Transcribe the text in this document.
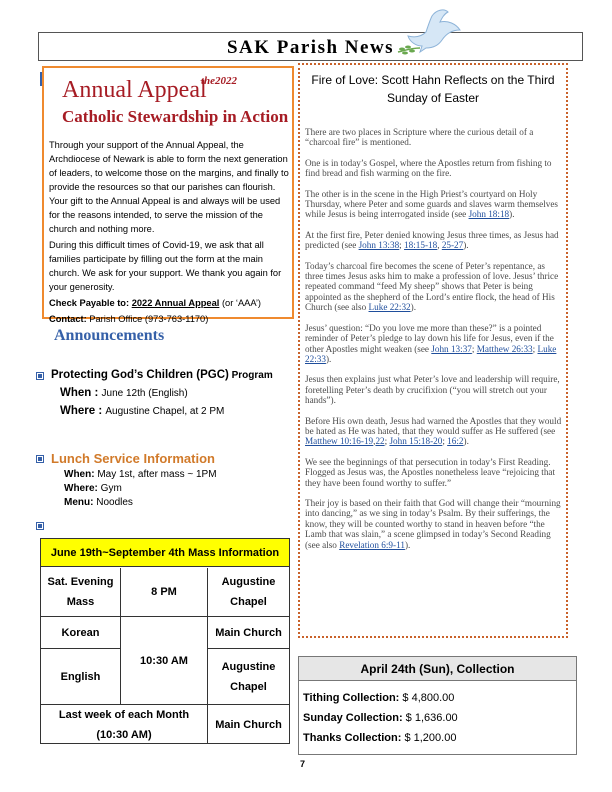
SAK Parish News
Annual Appeal
the2022
Catholic Stewardship in Action

Through your support of the Annual Appeal, the Archdiocese of Newark is able to form the next generation of leaders, to welcome those on the margins, and finally to provide the resources so that our parishes can flourish. Your gift to the Annual Appeal is and always will be used for the reasons intended, to serve the mission of the church and nothing more.

During this difficult times of Covid-19, we ask that all families participate by filling out the form at the main church. We ask for your support. We thank you again for your generosity.

Check Payable to: 2022 Annual Appeal (or ‘AAA’)

Contact: Parish Office (973-763-1170)

Announcements
Protecting God’s Children (PGC) Program
When : June 12th (English)
Where : Augustine Chapel, at 2 PM
Lunch Service Information
When: May 1st, after mass ~ 1PM
Where: Gym
Menu: Noodles
June 19th~September 4th Mass Information
Sat. Evening Mass
8 PM
Augustine Chapel
Korean
10:30 AM
Main Church
English
Augustine Chapel
Last week of each Month (10:30 AM)
Main Church
Fire of Love: Scott Hahn Reflects on the Third Sunday of Easter

There are two places in Scripture where the curious detail of a “charcoal fire” is mentioned.

One is in today’s Gospel, where the Apostles return from fishing to find bread and fish warming on the fire.

The other is in the scene in the High Priest’s courtyard on Holy Thursday, where Peter and some guards and slaves warm themselves while Jesus is being interrogated inside (see John 18:18).

At the first fire, Peter denied knowing Jesus three times, as Jesus had predicted (see John 13:38; 18:15-18, 25-27).

Today’s charcoal fire becomes the scene of Peter’s repentance, as three times Jesus asks him to make a profession of love. Jesus’ thrice repeated command “feed My sheep” shows that Peter is being appointed as the shepherd of the Lord’s entire flock, the head of His Church (see also Luke 22:32).

Jesus’ question: “Do you love me more than these?” is a pointed reminder of Peter’s pledge to lay down his life for Jesus, even if the other Apostles might weaken (see John 13:37; Matthew 26:33; Luke 22:33).

Jesus then explains just what Peter’s love and leadership will require, foretelling Peter’s death by crucifixion (“you will stretch out your hands”).

Before His own death, Jesus had warned the Apostles that they would be hated as He was hated, that they would suffer as He suffered (see Matthew 10:16-19,22; John 15:18-20; 16:2).

We see the beginnings of that persecution in today’s First Reading. Flogged as Jesus was, the Apostles nonetheless leave “rejoicing that they have been found worthy to suffer.”

Their joy is based on their faith that God will change their “mourning into dancing,” as we sing in today’s Psalm. By their sufferings, the know, they will be counted worthy to stand in heaven before “the Lamb that was slain,” a scene glimpsed in today’s Second Reading (see also Revelation 6:9-11).

April 24th (Sun), Collection
Tithing Collection: $ 4,800.00
Sunday Collection: $ 1,636.00
Thanks Collection: $ 1,200.00
7
